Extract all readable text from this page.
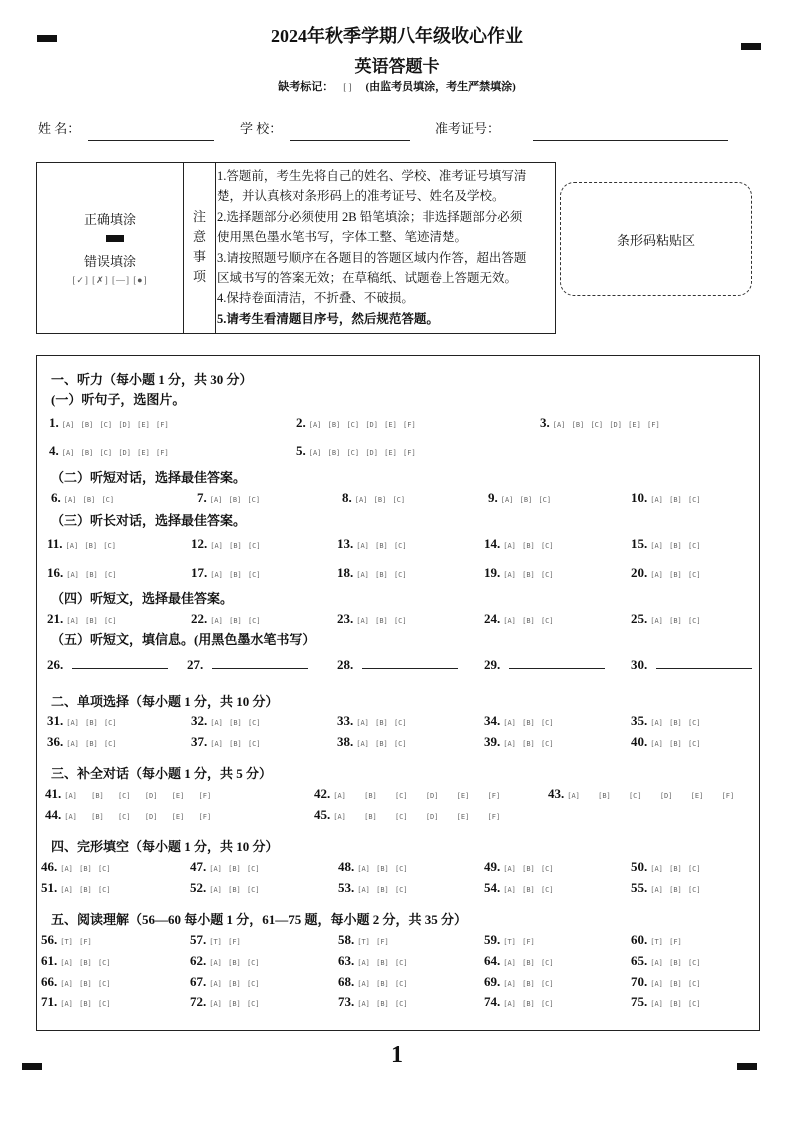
2024年秋季学期八年级收心作业
英语答题卡
缺考标记： [ ] (由监考员填涂，考生严禁填涂)
姓 名：	学 校：	准考证号：
正确填涂
错误填涂
[✓] [✗] [—] [●]
注
意
事
项
1.答题前，考生先将自己的姓名、学校、准考证号填写清
楚，并认真核对条形码上的准考证号、姓名及学校。
2.选择题部分必须使用 2B 铅笔填涂；非选择题部分必须
使用黑色墨水笔书写，字体工整、笔迹清楚。
3.请按照题号顺序在各题目的答题区域内作答，超出答题
区域书写的答案无效；在草稿纸、试题卷上答题无效。
4.保持卷面清洁，不折叠、不破损。
5.请考生看清题目序号，然后规范答题。
条形码粘贴区
一、听力（每小题 1 分，共 30 分）
(一）听句子，选图片。
1. [A] [B] [C] [D] [E] [F]	2. [A] [B] [C] [D] [E] [F]	3. [A] [B] [C] [D] [E] [F]
4. [A] [B] [C] [D] [E] [F]	5. [A] [B] [C] [D] [E] [F]
（二）听短对话，选择最佳答案。
6. [A] [B] [C]	7. [A] [B] [C]	8. [A] [B] [C]	9. [A] [B] [C]	10. [A] [B] [C]
（三）听长对话，选择最佳答案。
11. [A] [B] [C]	12. [A] [B] [C]	13. [A] [B] [C]	14. [A] [B] [C]	15. [A] [B] [C]
16. [A] [B] [C]	17. [A] [B] [C]	18. [A] [B] [C]	19. [A] [B] [C]	20. [A] [B] [C]
（四）听短文，选择最佳答案。
21. [A] [B] [C]	22. [A] [B] [C]	23. [A] [B] [C]	24. [A] [B] [C]	25. [A] [B] [C]
（五）听短文，填信息。(用黑色墨水笔书写）
26.	27.	28.	29.	30.
二、单项选择（每小题 1 分，共 10 分）
31. [A] [B] [C]	32. [A] [B] [C]	33. [A] [B] [C]	34. [A] [B] [C]	35. [A] [B] [C]
36. [A] [B] [C]	37. [A] [B] [C]	38. [A] [B] [C]	39. [A] [B] [C]	40. [A] [B] [C]
三、补全对话（每小题 1 分，共 5 分）
41. [A] [B] [C] [D] [E] [F]	42. [A] [B] [C] [D] [E] [F]	43. [A] [B] [C] [D] [E] [F]
44. [A] [B] [C] [D] [E] [F]	45. [A] [B] [C] [D] [E] [F]
四、完形填空（每小题 1 分，共 10 分）
46. [A] [B] [C]	47. [A] [B] [C]	48. [A] [B] [C]	49. [A] [B] [C]	50. [A] [B] [C]
51. [A] [B] [C]	52. [A] [B] [C]	53. [A] [B] [C]	54. [A] [B] [C]	55. [A] [B] [C]
五、阅读理解（56—60 每小题 1 分，61—75 题，每小题 2 分，共 35 分）
56. [T] [F]	57. [T] [F]	58. [T] [F]	59. [T] [F]	60. [T] [F]
61. [A] [B] [C]	62. [A] [B] [C]	63. [A] [B] [C]	64. [A] [B] [C]	65. [A] [B] [C]
66. [A] [B] [C]	67. [A] [B] [C]	68. [A] [B] [C]	69. [A] [B] [C]	70. [A] [B] [C]
71. [A] [B] [C]	72. [A] [B] [C]	73. [A] [B] [C]	74. [A] [B] [C]	75. [A] [B] [C]
1
